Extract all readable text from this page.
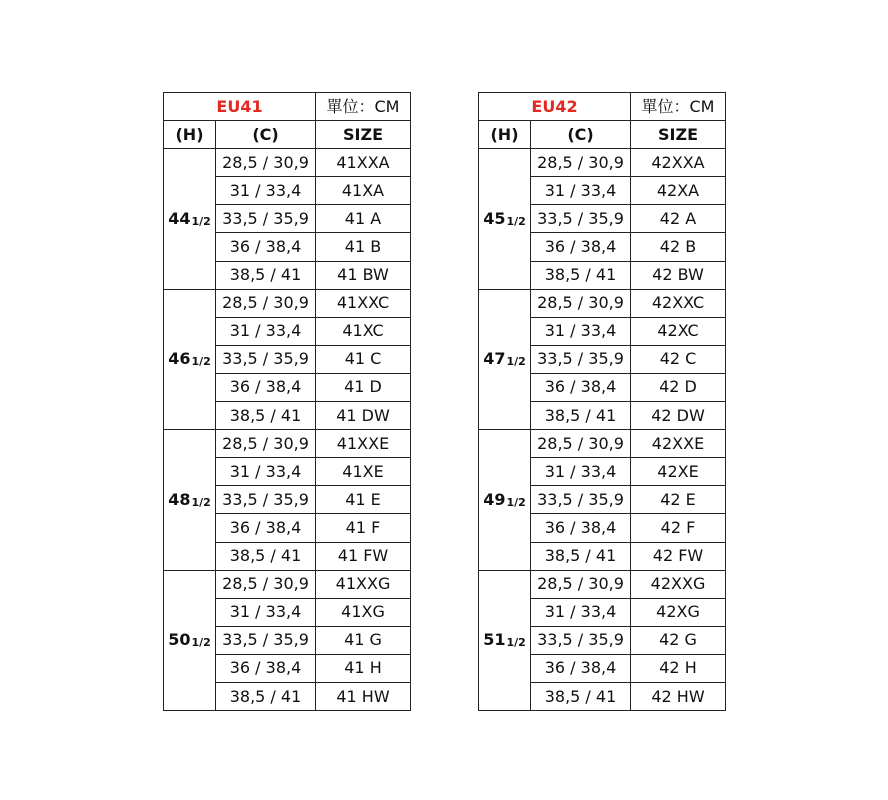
EU41		單位：CM
(H)	(C)	SIZE
441/2	28,5 / 30,9	41XXA
	31 / 33,4	41XA
	33,5 / 35,9	41 A
	36 / 38,4	41 B
	38,5 / 41	41 BW
461/2	28,5 / 30,9	41XXC
	31 / 33,4	41XC
	33,5 / 35,9	41 C
	36 / 38,4	41 D
	38,5 / 41	41 DW
481/2	28,5 / 30,9	41XXE
	31 / 33,4	41XE
	33,5 / 35,9	41 E
	36 / 38,4	41 F
	38,5 / 41	41 FW
501/2	28,5 / 30,9	41XXG
	31 / 33,4	41XG
	33,5 / 35,9	41 G
	36 / 38,4	41 H
	38,5 / 41	41 HW
EU42		單位：CM
(H)	(C)	SIZE
451/2	28,5 / 30,9	42XXA
	31 / 33,4	42XA
	33,5 / 35,9	42 A
	36 / 38,4	42 B
	38,5 / 41	42 BW
471/2	28,5 / 30,9	42XXC
	31 / 33,4	42XC
	33,5 / 35,9	42 C
	36 / 38,4	42 D
	38,5 / 41	42 DW
491/2	28,5 / 30,9	42XXE
	31 / 33,4	42XE
	33,5 / 35,9	42 E
	36 / 38,4	42 F
	38,5 / 41	42 FW
511/2	28,5 / 30,9	42XXG
	31 / 33,4	42XG
	33,5 / 35,9	42 G
	36 / 38,4	42 H
	38,5 / 41	42 HW
